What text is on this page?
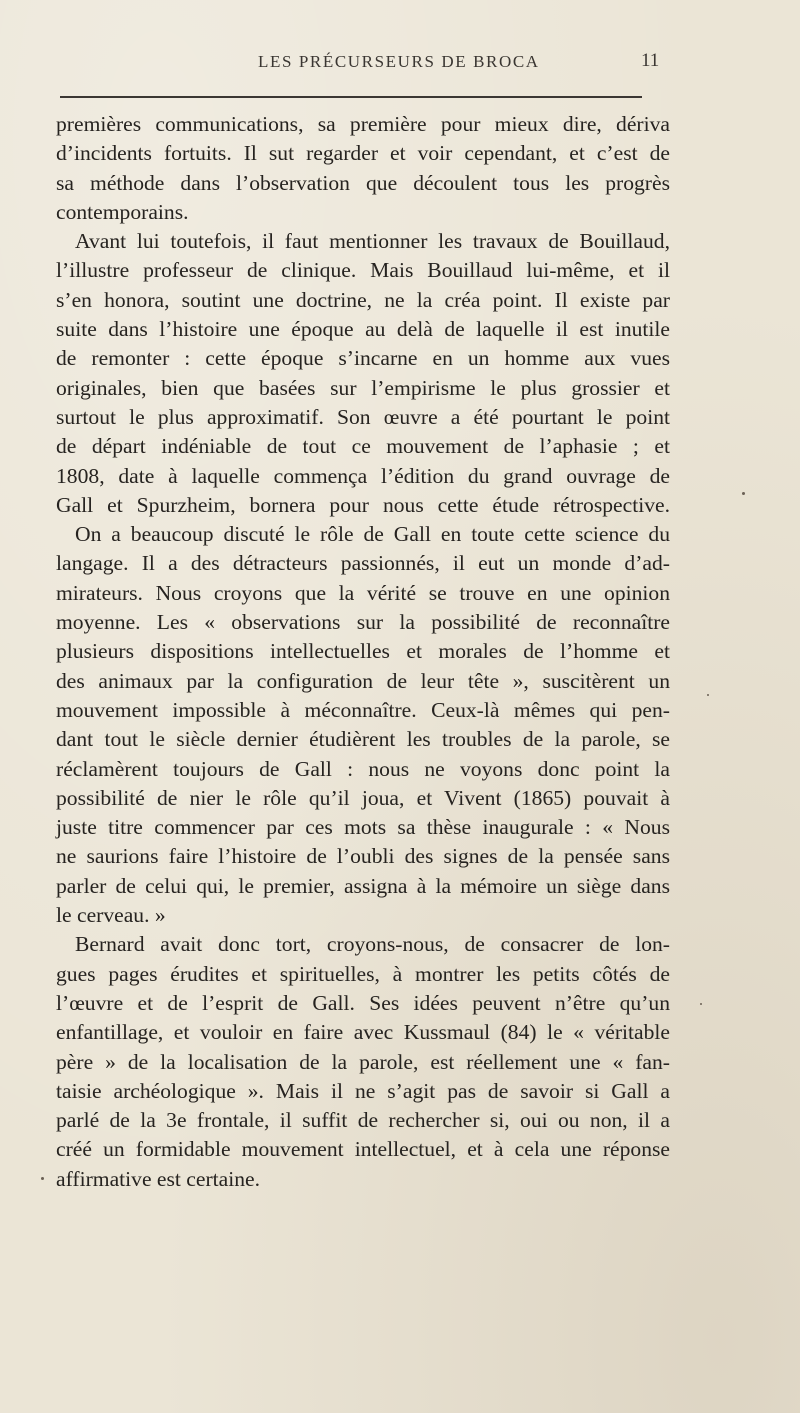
LES PRÉCURSEURS DE BROCA	11
premières communications, sa première pour mieux dire, dériva
d’incidents fortuits. Il sut regarder et voir cependant, et c’est de
sa méthode dans l’observation que découlent tous les progrès
contemporains.
Avant lui toutefois, il faut mentionner les travaux de Bouillaud,
l’illustre professeur de clinique. Mais Bouillaud lui-même, et il
s’en honora, soutint une doctrine, ne la créa point. Il existe par
suite dans l’histoire une époque au delà de laquelle il est inutile
de remonter : cette époque s’incarne en un homme aux vues
originales, bien que basées sur l’empirisme le plus grossier et
surtout le plus approximatif. Son œuvre a été pourtant le point
de départ indéniable de tout ce mouvement de l’aphasie ; et
1808, date à laquelle commença l’édition du grand ouvrage de
Gall et Spurzheim, bornera pour nous cette étude rétrospective.
On a beaucoup discuté le rôle de Gall en toute cette science du
langage. Il a des détracteurs passionnés, il eut un monde d’ad-
mirateurs. Nous croyons que la vérité se trouve en une opinion
moyenne. Les « observations sur la possibilité de reconnaître
plusieurs dispositions intellectuelles et morales de l’homme et
des animaux par la configuration de leur tête », suscitèrent un
mouvement impossible à méconnaître. Ceux-là mêmes qui pen-
dant tout le siècle dernier étudièrent les troubles de la parole, se
réclamèrent toujours de Gall : nous ne voyons donc point la
possibilité de nier le rôle qu’il joua, et Vivent (1865) pouvait à
juste titre commencer par ces mots sa thèse inaugurale : « Nous
ne saurions faire l’histoire de l’oubli des signes de la pensée sans
parler de celui qui, le premier, assigna à la mémoire un siège dans
le cerveau. »
Bernard avait donc tort, croyons-nous, de consacrer de lon-
gues pages érudites et spirituelles, à montrer les petits côtés de
l’œuvre et de l’esprit de Gall. Ses idées peuvent n’être qu’un
enfantillage, et vouloir en faire avec Kussmaul (84) le « véritable
père » de la localisation de la parole, est réellement une « fan-
taisie archéologique ». Mais il ne s’agit pas de savoir si Gall a
parlé de la 3e frontale, il suffit de rechercher si, oui ou non, il a
créé un formidable mouvement intellectuel, et à cela une réponse
affirmative est certaine.
